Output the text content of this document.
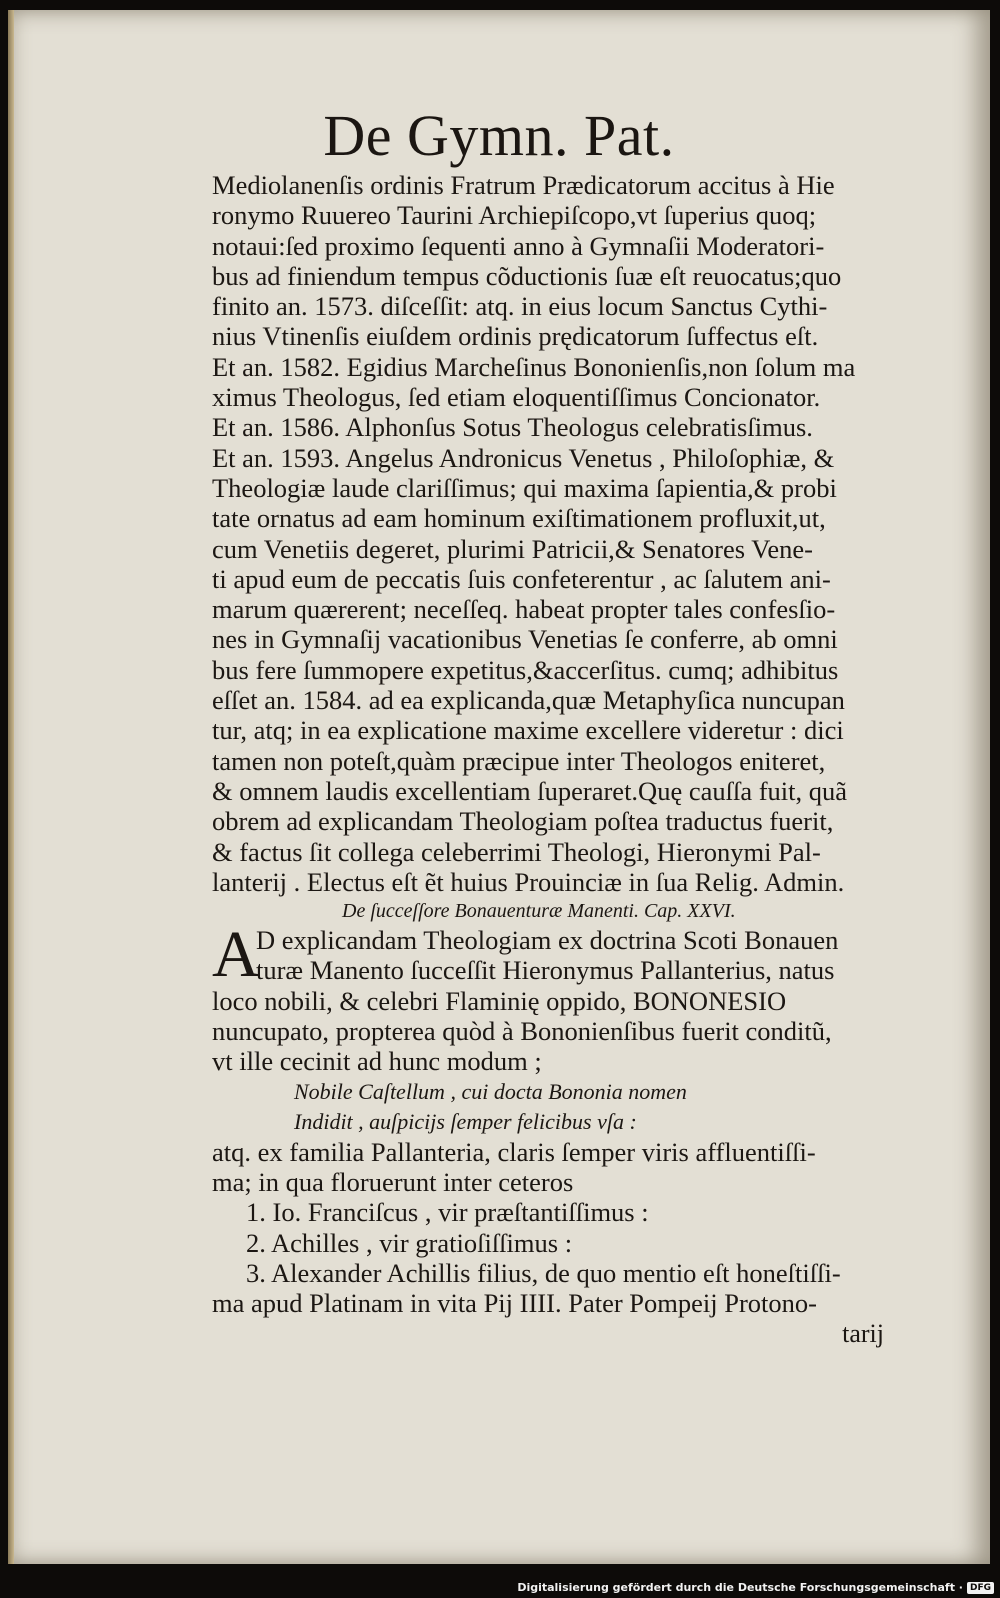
De Gymn. Pat.
Mediolanenſis ordinis Fratrum Prædicatorum accitus à Hie
ronymo Ruuereo Taurini Archiepiſcopo,vt ſuperius quoq;
notaui:ſed proximo ſequenti anno à Gymnaſii Moderatori-
bus ad finiendum tempus cõductionis ſuæ eſt reuocatus;quo
finito an. 1573. diſceſſit: atq. in eius locum Sanctus Cythi-
nius Vtinenſis eiuſdem ordinis prędicatorum ſuffectus eſt.
Et an. 1582. Egidius Marcheſinus Bononienſis,non ſolum ma
ximus Theologus, ſed etiam eloquentiſſimus Concionator.
Et an. 1586. Alphonſus Sotus Theologus celebratisſimus.
Et an. 1593. Angelus Andronicus Venetus , Philoſophiæ, &
Theologiæ laude clariſſimus; qui maxima ſapientia,& probi
tate ornatus ad eam hominum exiſtimationem profluxit,ut,
cum Venetiis degeret, plurimi Patricii,& Senatores Vene-
ti apud eum de peccatis ſuis confeterentur , ac ſalutem ani-
marum quærerent; neceſſeq. habeat propter tales confesſio-
nes in Gymnaſij vacationibus Venetias ſe conferre, ab omni
bus fere ſummopere expetitus,&accerſitus. cumq; adhibitus
eſſet an. 1584. ad ea explicanda,quæ Metaphyſica nuncupan
tur, atq; in ea explicatione maxime excellere videretur : dici
tamen non poteſt,quàm præcipue inter Theologos eniteret,
& omnem laudis excellentiam ſuperaret.Quę cauſſa fuit, quã
obrem ad explicandam Theologiam poſtea traductus fuerit,
& factus ſit collega celeberrimi Theologi, Hieronymi Pal-
lanterij . Electus eſt ẽt huius Prouinciæ in ſua Relig. Admin.
De ſucceſſore Bonauenturæ Manenti. Cap. XXVI.
A
D explicandam Theologiam ex doctrina Scoti Bonauen
turæ Manento ſucceſſit Hieronymus Pallanterius, natus
loco nobili, & celebri Flaminię oppido, BONONESIO
nuncupato, propterea quòd à Bononienſibus fuerit conditũ,
vt ille cecinit ad hunc modum ;
Nobile Caſtellum , cui docta Bononia nomen
Indidit , auſpicijs ſemper felicibus vſa :
atq. ex familia Pallanteria, claris ſemper viris affluentiſſi-
ma; in qua floruerunt inter ceteros
1. Io. Franciſcus , vir præſtantiſſimus :
2. Achilles , vir gratioſiſſimus :
3. Alexander Achillis filius, de quo mentio eſt honeſtiſſi-
ma apud Platinam in vita Pij IIII. Pater Pompeij Protono-
tarij
Digitalisierung gefördert durch die Deutsche Forschungsgemeinschaft · DFG
